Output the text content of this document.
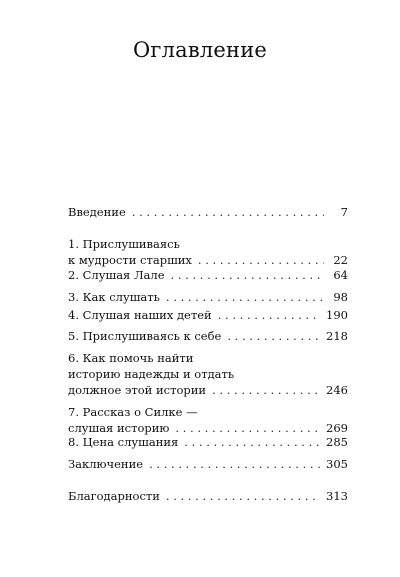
Оглавление
Введение . . .	7
1. Прислушиваясь
к мудрости старших . . .	22
2. Слушая Лале . . .	64
3. Как слушать . . .	98
4. Слушая наших детей . . .	190
5. Прислушиваясь к себе . . .	218
6. Как помочь найти
историю надежды и отдать
должное этой истории . . .	246
7. Рассказ о Силке —
слушая историю . . .	269
8. Цена слушания . . .	285
Заключение . . .	305
Благодарности . . .	313
